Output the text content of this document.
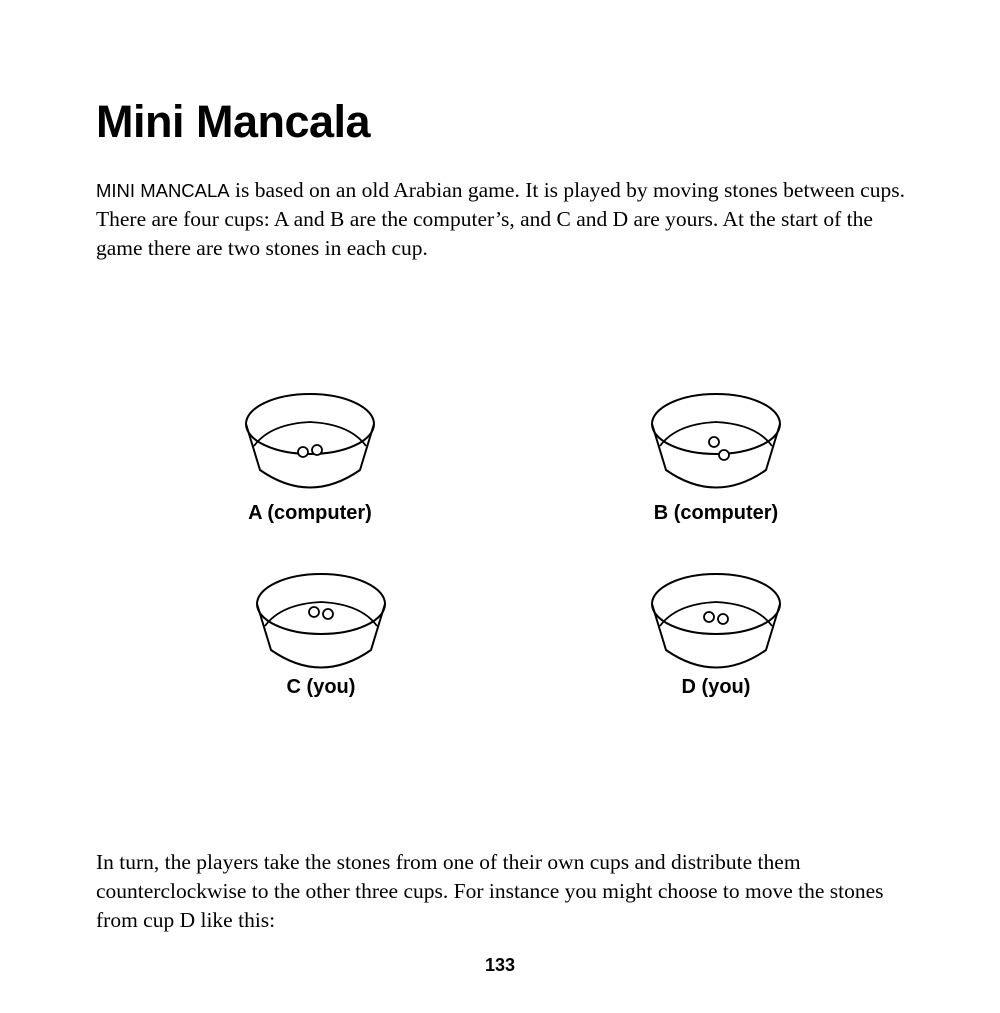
Mini Mancala

MINI MANCALA is based on an old Arabian game. It is played by moving stones between cups. There are four cups: A and B are the computer’s, and C and D are yours. At the start of the game there are two stones in each cup.

A (computer)	B (computer)
C (you)	D (you)

In turn, the players take the stones from one of their own cups and distribute them counterclockwise to the other three cups. For instance you might choose to move the stones from cup D like this:

133
